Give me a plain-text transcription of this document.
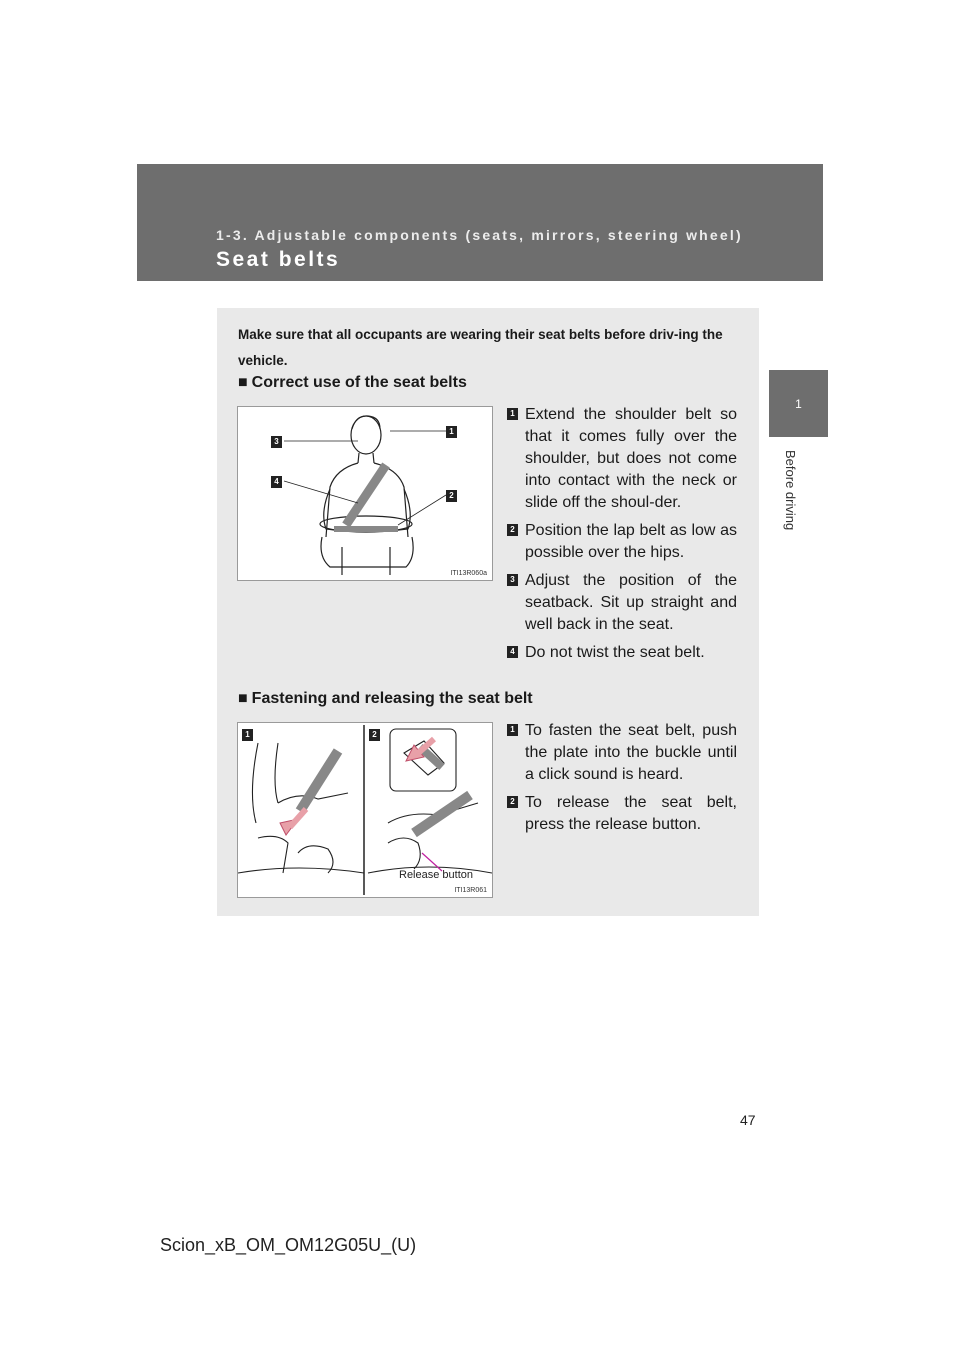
1-3. Adjustable components (seats, mirrors, steering wheel)

Seat belts
1
Before driving

Make sure that all occupants are wearing their seat belts before driv-ing the vehicle.

■ Correct use of the seat belts
3
1
4
2
ITI13R060a
1 Extend the shoulder belt so that it comes fully over the shoulder, but does not come into contact with the neck or slide off the shoul-der.
2 Position the lap belt as low as possible over the hips.
3 Adjust the position of the seatback. Sit up straight and well back in the seat.
4 Do not twist the seat belt.
■ Fastening and releasing the seat belt
1	2
Release button
ITI13R061
1 To fasten the seat belt, push the plate into the buckle until a click sound is heard.
2 To release the seat belt, press the release button.

47

Scion_xB_OM_OM12G05U_(U)
